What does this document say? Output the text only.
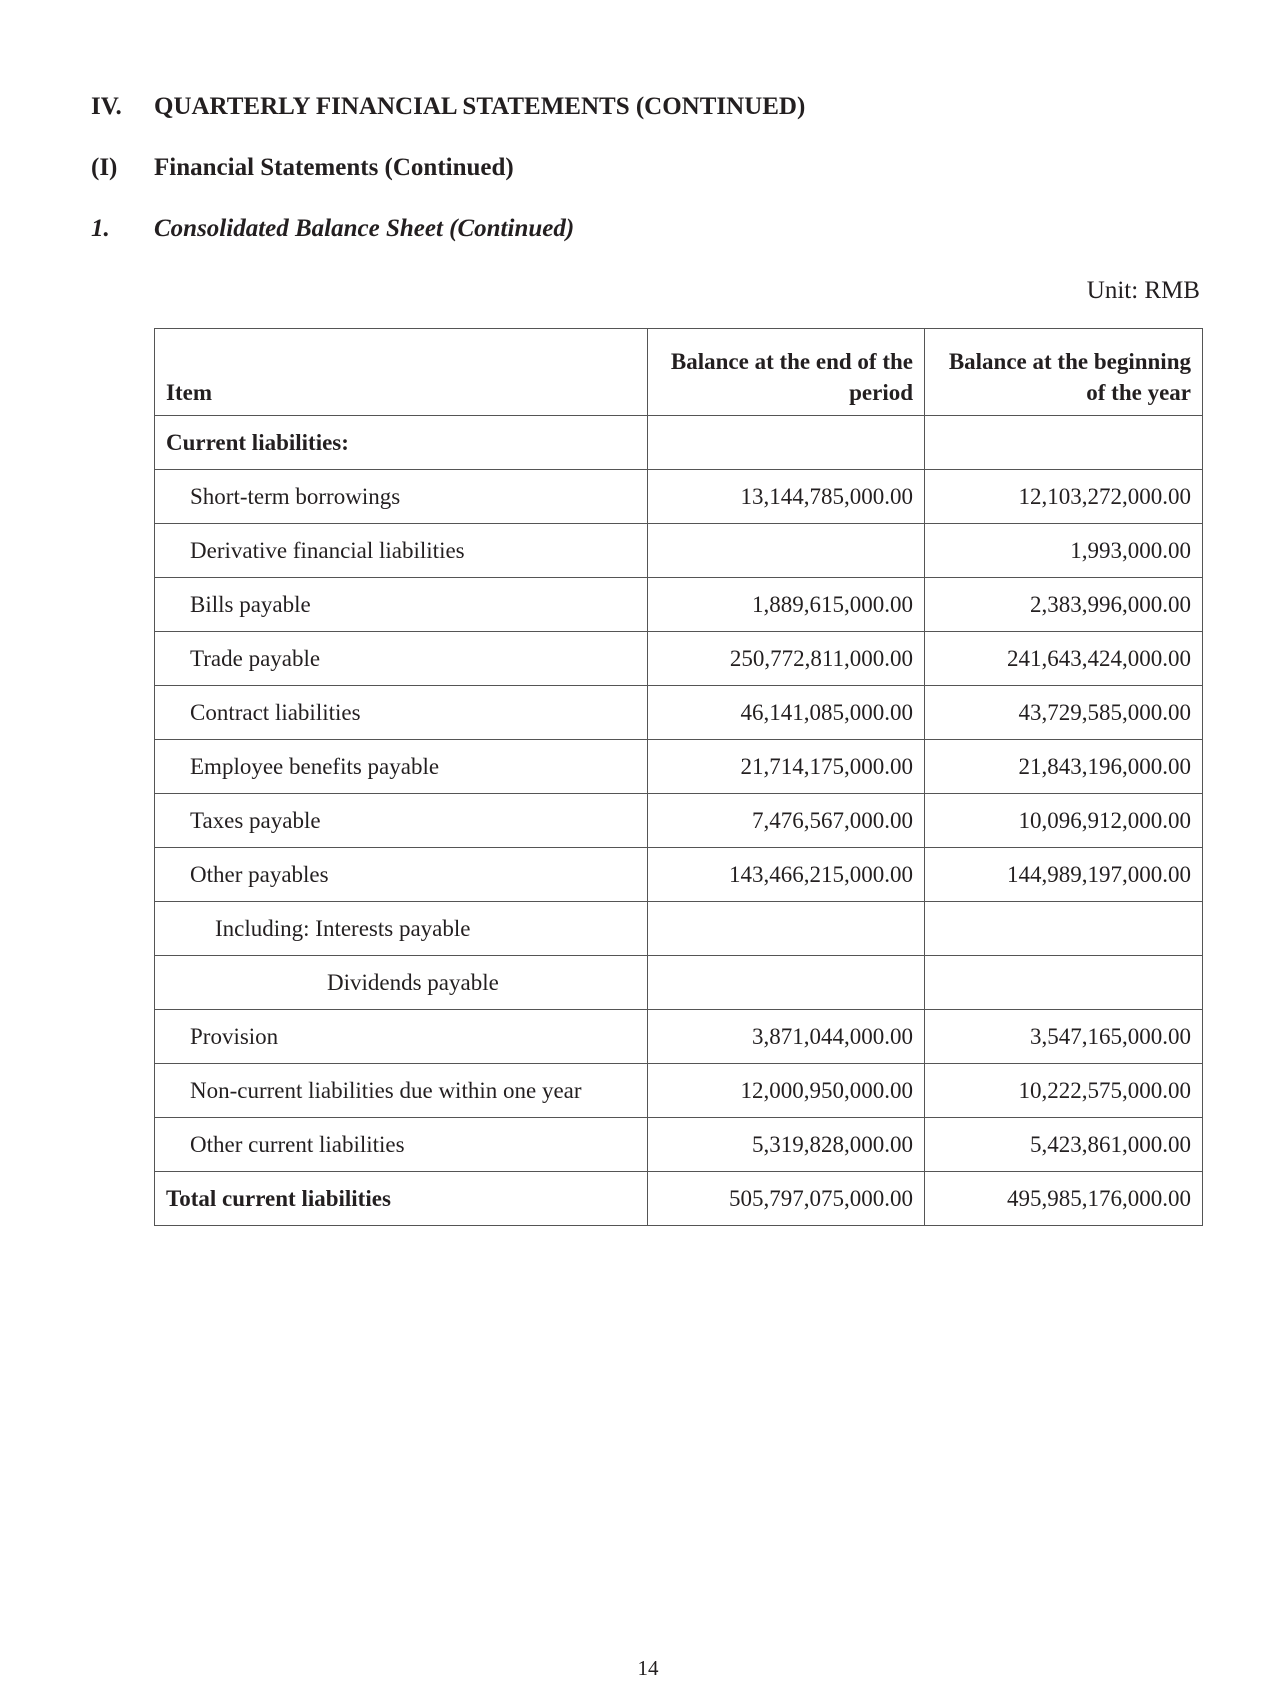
IV.	QUARTERLY FINANCIAL STATEMENTS (CONTINUED)
(I)	Financial Statements (Continued)
1.	Consolidated Balance Sheet (Continued)
Unit: RMB
Item	Balance at the end of the period	Balance at the beginning of the year
Current liabilities:		
Short-term borrowings	13,144,785,000.00	12,103,272,000.00
Derivative financial liabilities		1,993,000.00
Bills payable	1,889,615,000.00	2,383,996,000.00
Trade payable	250,772,811,000.00	241,643,424,000.00
Contract liabilities	46,141,085,000.00	43,729,585,000.00
Employee benefits payable	21,714,175,000.00	21,843,196,000.00
Taxes payable	7,476,567,000.00	10,096,912,000.00
Other payables	143,466,215,000.00	144,989,197,000.00
Including: Interests payable		
Dividends payable		
Provision	3,871,044,000.00	3,547,165,000.00
Non-current liabilities due within one year	12,000,950,000.00	10,222,575,000.00
Other current liabilities	5,319,828,000.00	5,423,861,000.00
Total current liabilities	505,797,075,000.00	495,985,176,000.00
14
